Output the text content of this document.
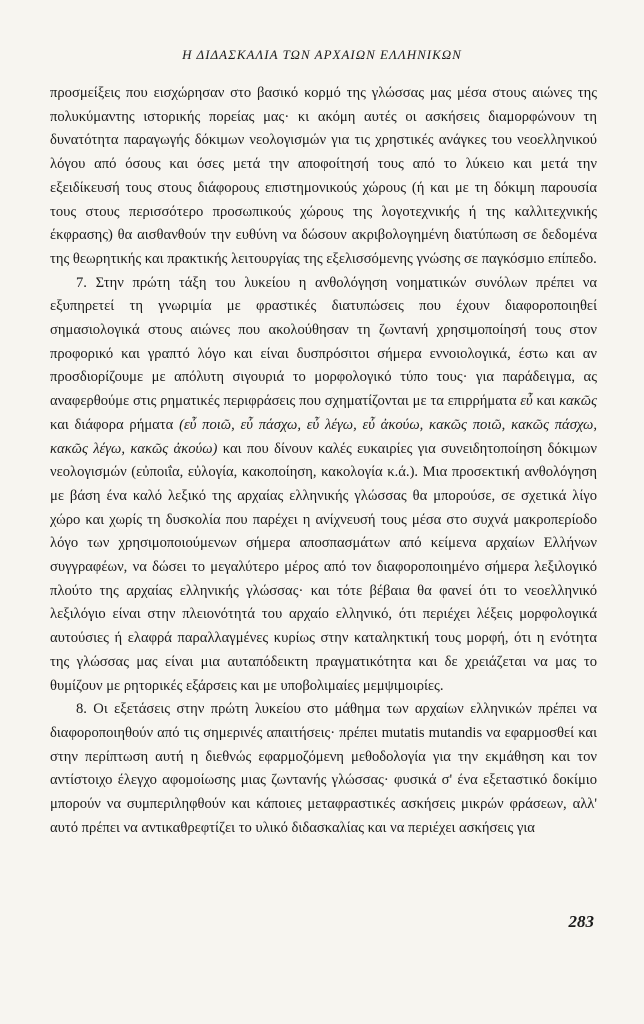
Η ΔΙΔΑΣΚΑΛΙΑ ΤΩΝ ΑΡΧΑΙΩΝ ΕΛΛΗΝΙΚΩΝ

προσμείξεις που εισχώρησαν στο βασικό κορμό της γλώσσας μας μέσα στους αιώνες της πολυκύμαντης ιστορικής πορείας μας· κι ακόμη αυτές οι ασκήσεις διαμορφώνουν τη δυνατότητα παραγωγής δόκιμων νεολογισμών για τις χρηστικές ανάγκες του νεοελληνικού λόγου από όσους και όσες μετά την αποφοίτησή τους από το λύκειο και μετά την εξειδίκευσή τους στους διάφορους επιστημονικούς χώρους (ή και με τη δόκιμη παρουσία τους στους περισσότερο προσωπικούς χώρους της λογοτεχνικής ή της καλλιτεχνικής έκφρασης) θα αισθανθούν την ευθύνη να δώσουν ακριβολογημένη διατύπωση σε δεδομένα της θεωρητικής και πρακτικής λειτουργίας της εξελισσόμενης γνώσης σε παγκόσμιο επίπεδο.

7. Στην πρώτη τάξη του λυκείου η ανθολόγηση νοηματικών συνόλων πρέπει να εξυπηρετεί τη γνωριμία με φραστικές διατυπώσεις που έχουν διαφοροποιηθεί σημασιολογικά στους αιώνες που ακολούθησαν τη ζωντανή χρησιμοποίησή τους στον προφορικό και γραπτό λόγο και είναι δυσπρόσιτοι σήμερα εννοιολογικά, έστω και αν προσδιορίζουμε με απόλυτη σιγουριά το μορφολογικό τύπο τους· για παράδειγμα, ας αναφερθούμε στις ρηματικές περιφράσεις που σχηματίζονται με τα επιρρήματα εὖ και κακῶς και διάφορα ρήματα (εὖ ποιῶ, εὖ πάσχω, εὖ λέγω, εὖ ἀκούω, κακῶς ποιῶ, κακῶς πάσχω, κακῶς λέγω, κακῶς ἀκούω) και που δίνουν καλές ευκαιρίες για συνειδητοποίηση δόκιμων νεολογισμών (εὐποιΐα, εὐλογία, κακοποίηση, κακολογία κ.ά.). Μια προσεκτική ανθολόγηση με βάση ένα καλό λεξικό της αρχαίας ελληνικής γλώσσας θα μπορούσε, σε σχετικά λίγο χώρο και χωρίς τη δυσκολία που παρέχει η ανίχνευσή τους μέσα στο συχνά μακροπερίοδο λόγο των χρησιμοποιούμενων σήμερα αποσπασμάτων από κείμενα αρχαίων Ελλήνων συγγραφέων, να δώσει το μεγαλύτερο μέρος από τον διαφοροποιημένο σήμερα λεξιλογικό πλούτο της αρχαίας ελληνικής γλώσσας· και τότε βέβαια θα φανεί ότι το νεοελληνικό λεξιλόγιο είναι στην πλειονότητά του αρχαίο ελληνικό, ότι περιέχει λέξεις μορφολογικά αυτούσιες ή ελαφρά παραλλαγμένες κυρίως στην καταληκτική τους μορφή, ότι η ενότητα της γλώσσας μας είναι μια αυταπόδεικτη πραγματικότητα και δε χρειάζεται να μας το θυμίζουν με ρητορικές εξάρσεις και με υποβολιμαίες μεμψιμοιρίες.

8. Οι εξετάσεις στην πρώτη λυκείου στο μάθημα των αρχαίων ελληνικών πρέπει να διαφοροποιηθούν από τις σημερινές απαιτήσεις· πρέπει mutatis mutandis να εφαρμοσθεί και στην περίπτωση αυτή η διεθνώς εφαρμοζόμενη μεθοδολογία για την εκμάθηση και τον αντίστοιχο έλεγχο αφομοίωσης μιας ζωντανής γλώσσας· φυσικά σ' ένα εξεταστικό δοκίμιο μπορούν να συμπεριληφθούν και κάποιες μεταφραστικές ασκήσεις μικρών φράσεων, αλλ' αυτό πρέπει να αντικαθρεφτίζει το υλικό διδασκαλίας και να περιέχει ασκήσεις για

283
